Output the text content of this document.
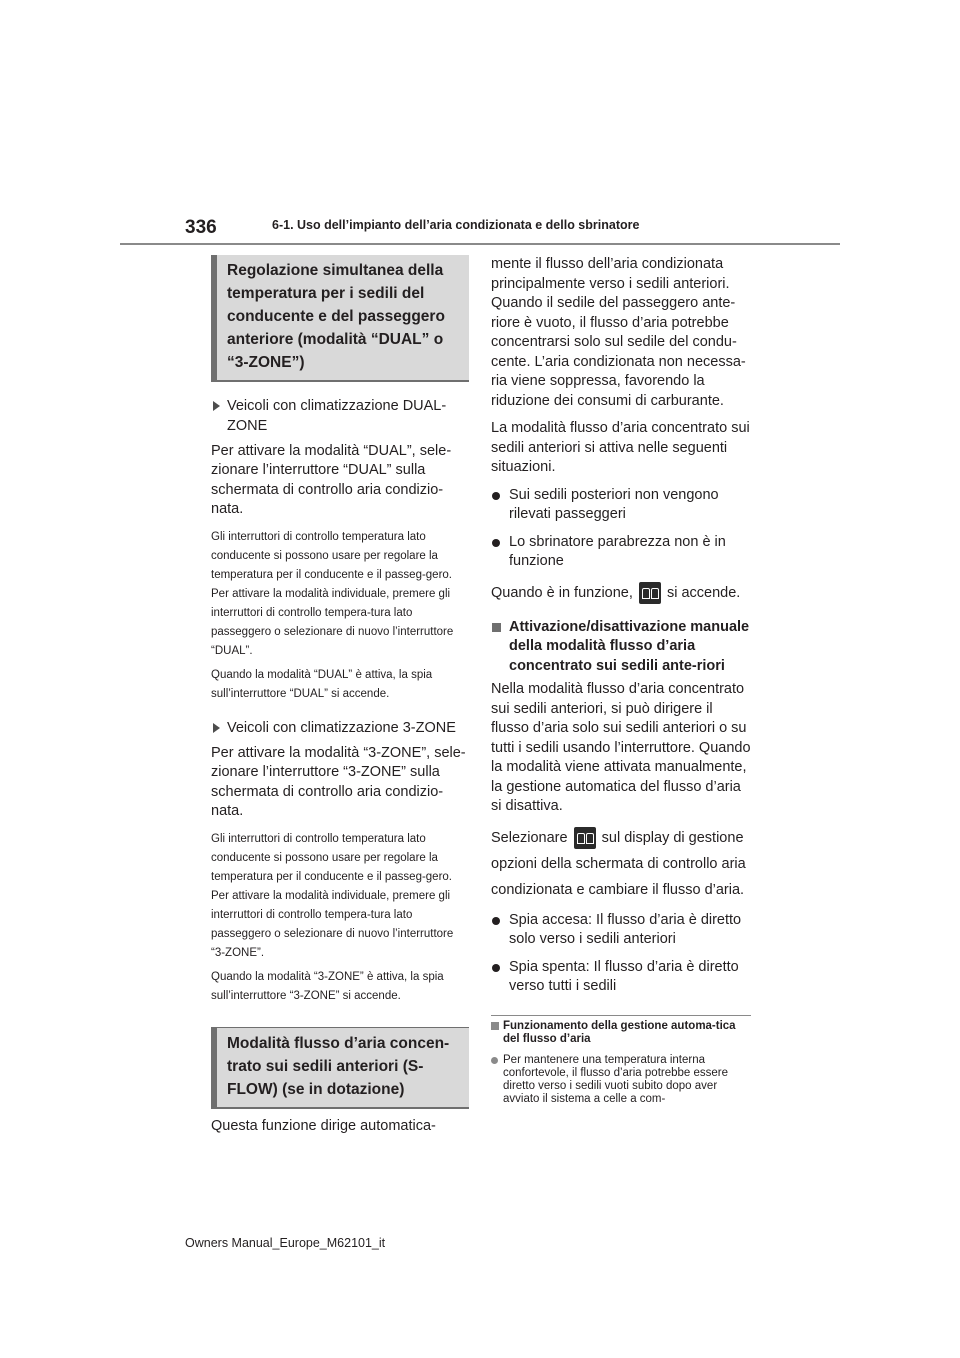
336	6-1. Uso dell’impianto dell’aria condizionata e dello sbrinatore
Regolazione simultanea della temperatura per i sedili del conducente e del passeggero anteriore (modalità “DUAL” o “3-ZONE”)
Veicoli con climatizzazione DUAL-ZONE

Per attivare la modalità “DUAL”, sele-zionare l’interruttore “DUAL” sulla schermata di controllo aria condizio-nata.

Gli interruttori di controllo temperatura lato conducente si possono usare per regolare la temperatura per il conducente e il passeg-gero. Per attivare la modalità individuale, premere gli interruttori di controllo tempera-tura lato passeggero o selezionare di nuovo l’interruttore “DUAL”.

Quando la modalità “DUAL” è attiva, la spia sull’interruttore “DUAL” si accende.

Veicoli con climatizzazione 3-ZONE

Per attivare la modalità “3-ZONE”, sele-zionare l’interruttore “3-ZONE” sulla schermata di controllo aria condizio-nata.

Gli interruttori di controllo temperatura lato conducente si possono usare per regolare la temperatura per il conducente e il passeg-gero. Per attivare la modalità individuale, premere gli interruttori di controllo tempera-tura lato passeggero o selezionare di nuovo l’interruttore “3-ZONE”.

Quando la modalità “3-ZONE” è attiva, la spia sull’interruttore “3-ZONE” si accende.

Modalità flusso d’aria concen-trato sui sedili anteriori (S-FLOW) (se in dotazione)

Questa funzione dirige automatica-

mente il flusso dell’aria condizionata principalmente verso i sedili anteriori. Quando il sedile del passeggero ante-riore è vuoto, il flusso d’aria potrebbe concentrarsi solo sul sedile del condu-cente. L’aria condizionata non necessa-ria viene soppressa, favorendo la riduzione dei consumi di carburante.

La modalità flusso d’aria concentrato sui sedili anteriori si attiva nelle seguenti situazioni.

Sui sedili posteriori non vengono rilevati passeggeri
Lo sbrinatore parabrezza non è in funzione

Quando è in funzione, si accende.

Attivazione/disattivazione manuale della modalità flusso d’aria concentrato sui sedili ante-riori

Nella modalità flusso d’aria concentrato sui sedili anteriori, si può dirigere il flusso d’aria solo sui sedili anteriori o su tutti i sedili usando l’interruttore. Quando la modalità viene attivata manualmente, la gestione automatica del flusso d’aria si disattiva.

Selezionare sul display di gestione opzioni della schermata di controllo aria condizionata e cambiare il flusso d’aria.

Spia accesa: Il flusso d’aria è diretto solo verso i sedili anteriori
Spia spenta: Il flusso d’aria è diretto verso tutti i sedili
Funzionamento della gestione automa-tica del flusso d’aria
Per mantenere una temperatura interna confortevole, il flusso d’aria potrebbe essere diretto verso i sedili vuoti subito dopo aver avviato il sistema a celle a com-
Owners Manual_Europe_M62101_it
